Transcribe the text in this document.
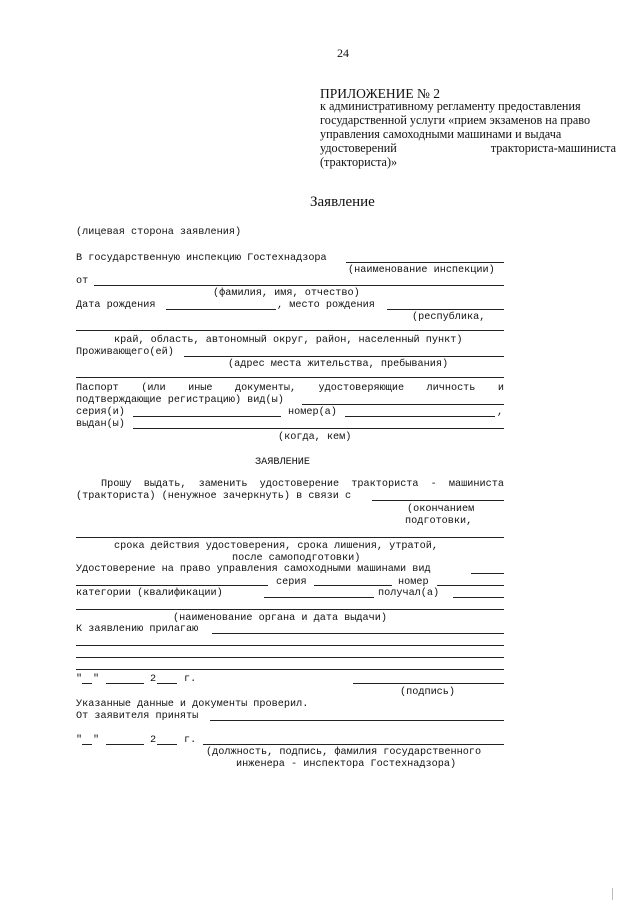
24
ПРИЛОЖЕНИЕ № 2

к административному регламенту предоставления

государственной услуги «прием экзаменов на право

управления самоходными машинами и выдача

удостоверений тракториста-машиниста

(тракториста)»

Заявление
(лицевая сторона заявления)
В государственную инспекцию Гостехнадзора
(наименование инспекции)
от
(фамилия, имя, отчество)
Дата рождения	, место рождения
(республика,
край, область, автономный округ, район, населенный пункт)
Проживающего(ей)
(адрес места жительства, пребывания)
Паспорт (или иные документы, удостоверяющие личность и
подтверждающие регистрацию) вид(ы)
серия(и)	номер(а)	,
выдан(ы)
(когда, кем)
ЗАЯВЛЕНИЕ
Прошу выдать, заменить удостоверение тракториста - машиниста
(тракториста) (ненужное зачеркнуть) в связи с
(окончанием
подготовки,
срока действия удостоверения, срока лишения, утратой,
после самоподготовки)
Удостоверение на право управления самоходными машинами вид
серия	номер
категории (квалификации)	получал(а)
(наименование органа и дата выдачи)
К заявлению прилагаю
" "	2	г.
(подпись)
Указанные данные и документы проверил.
От заявителя приняты
" "	2	г.
(должность, подпись, фамилия государственного
инженера - инспектора Гостехнадзора)
